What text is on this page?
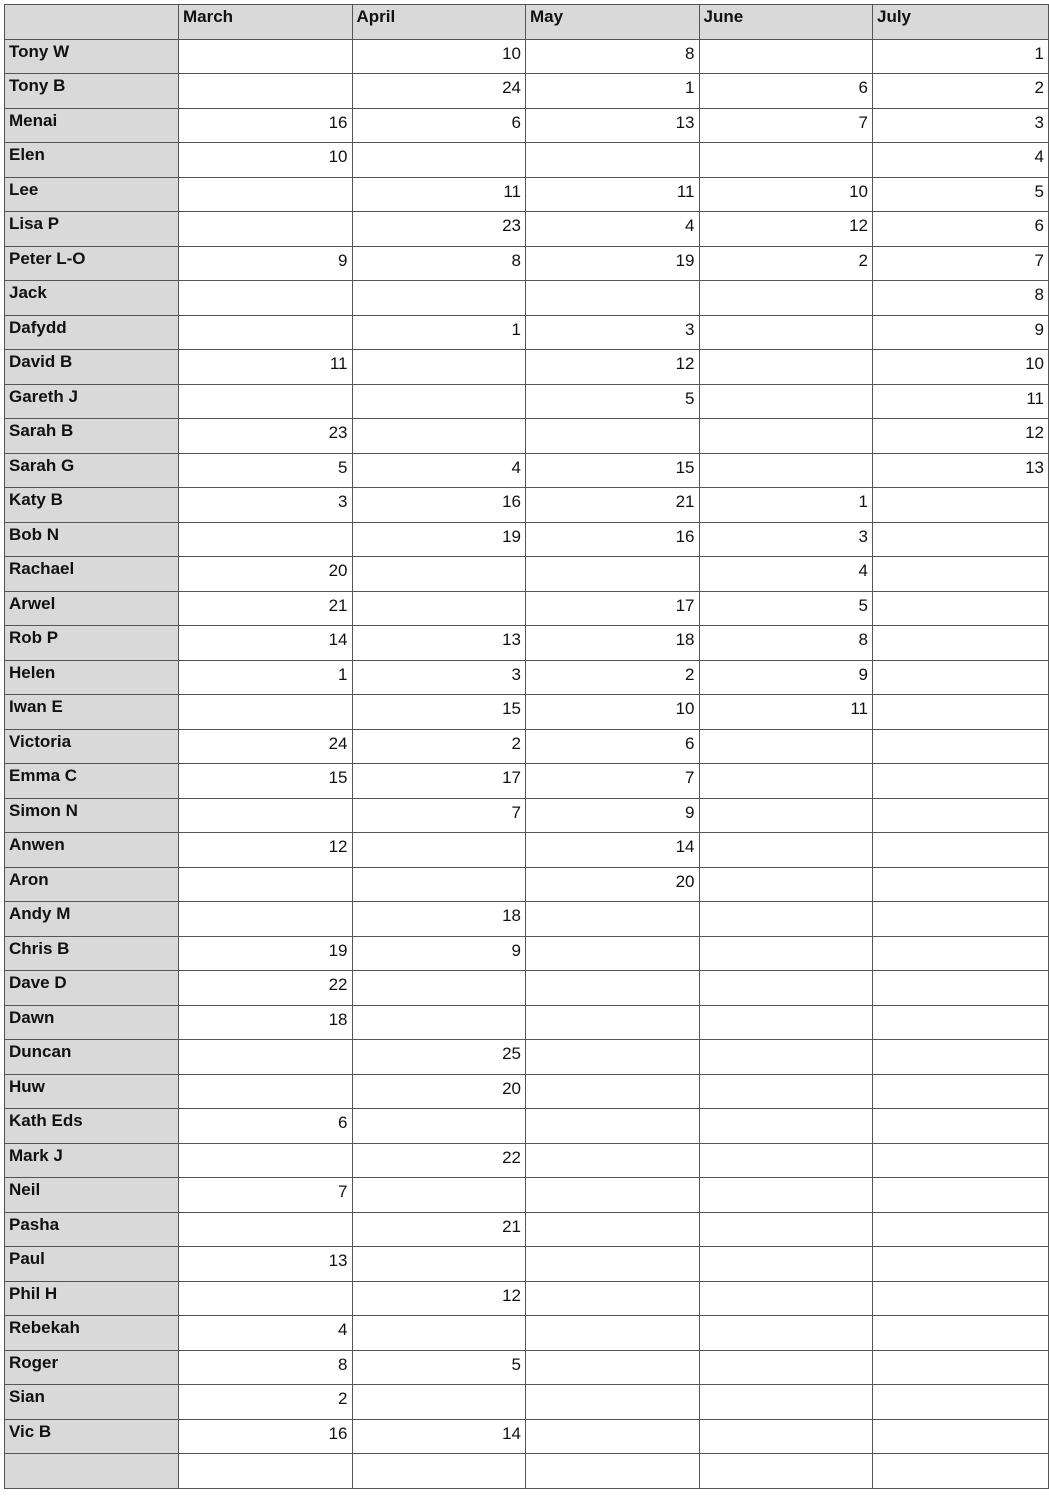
	March	April	May	June	July
Tony W		10	8		1
Tony B		24	1	6	2
Menai	16	6	13	7	3
Elen	10				4
Lee		11	11	10	5
Lisa P		23	4	12	6
Peter L-O	9	8	19	2	7
Jack					8
Dafydd		1	3		9
David B	11		12		10
Gareth J			5		11
Sarah B	23				12
Sarah G	5	4	15		13
Katy B	3	16	21	1	
Bob N		19	16	3	
Rachael	20			4	
Arwel	21		17	5	
Rob P	14	13	18	8	
Helen	1	3	2	9	
Iwan E		15	10	11	
Victoria	24	2	6		
Emma C	15	17	7		
Simon N		7	9		
Anwen	12		14		
Aron			20		
Andy M		18			
Chris B	19	9			
Dave D	22				
Dawn	18				
Duncan		25			
Huw		20			
Kath Eds	6				
Mark J		22			
Neil	7				
Pasha		21			
Paul	13				
Phil H		12			
Rebekah	4				
Roger	8	5			
Sian	2				
Vic B	16	14			
